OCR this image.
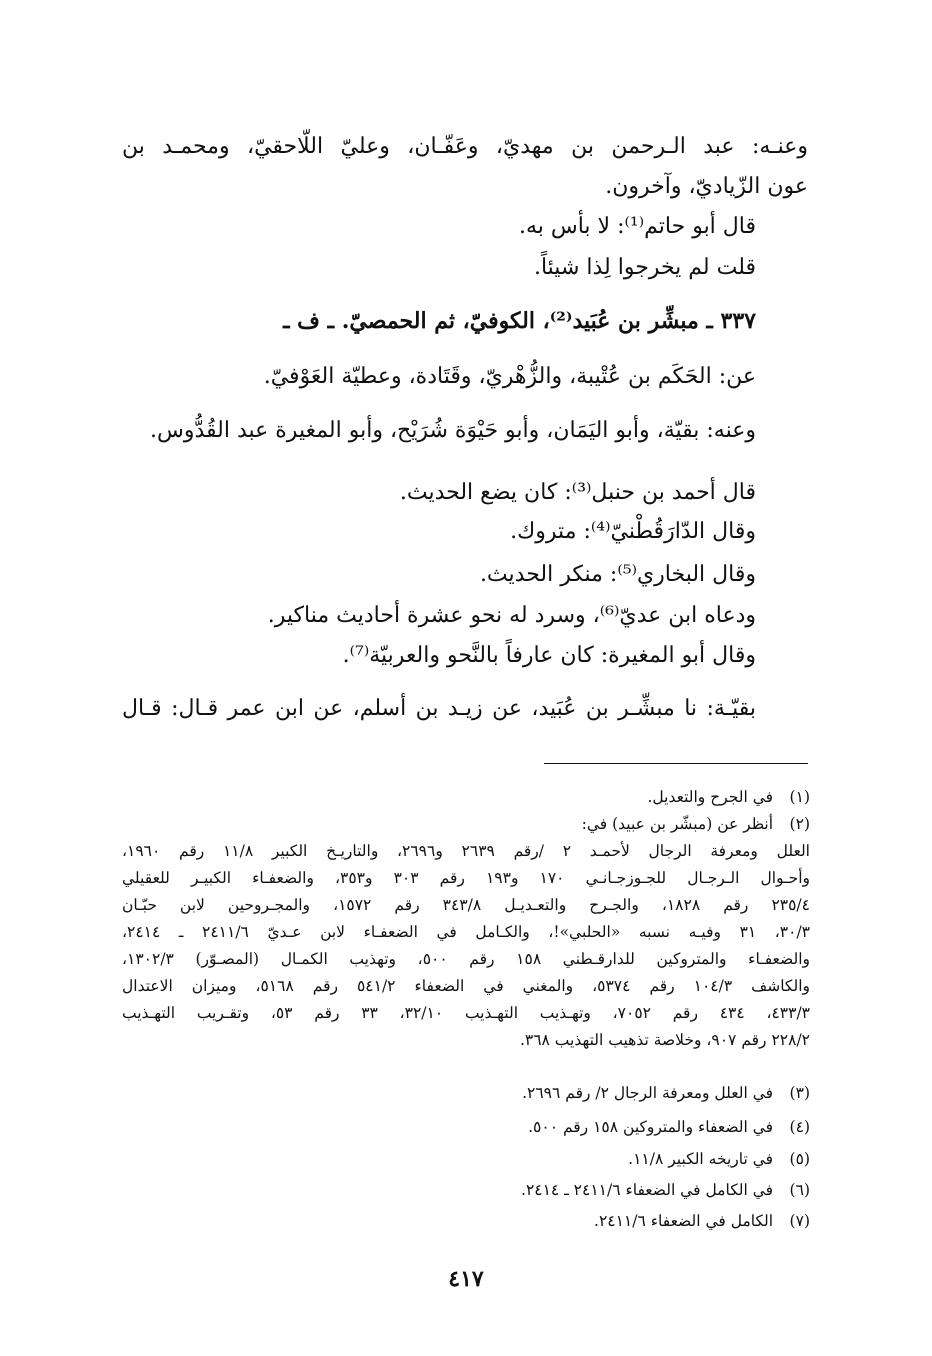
وعنـه: عبد الـرحمن بن مهديّ، وعَفّـان، وعليّ اللّاحقيّ، ومحمـد بن
عون الزّياديّ، وآخرون.
قال أبو حاتم⁽¹⁾: لا بأس به.
قلت لم يخرجوا لِذا شيئاً.
٣٣٧ ـ مبشِّر بن عُبَيد⁽²⁾، الكوفيّ، ثم الحمصيّ. ـ ف ـ
عن: الحَكَم بن عُتْيبة، والزُّهْريّ، وقَتَادة، وعطيّة العَوْفيّ.
وعنه: بقيّة، وأبو اليَمَان، وأبو حَيْوَة شُرَيْح، وأبو المغيرة عبد القُدُّوس.
قال أحمد بن حنبل⁽³⁾: كان يضع الحديث.
وقال الدّارَقُطْنيّ⁽⁴⁾: متروك.
وقال البخاري⁽⁵⁾: منكر الحديث.
ودعاه ابن عديّ⁽⁶⁾، وسرد له نحو عشرة أحاديث مناكير.
وقال أبو المغيرة: كان عارفاً بالنَّحو والعربيّة⁽⁷⁾.
بقيّـة: نا مبشِّـر بن عُبَيد، عن زيـد بن أسلم، عن ابن عمر قـال: قـال
(١) في الجرح والتعديل.
(٢) أنظر عن (مبشّر بن عبيد) في:
العلل ومعرفة الرجال لأحمـد ٢ /رقم ٢٦٣٩ و٢٦٩٦، والتاريـخ الكبير ١١/٨ رقم ١٩٦٠،
وأحـوال الـرجـال للجـوزجـانـي ١٧٠ و١٩٣ رقم ٣٠٣ و٣٥٣، والضعفـاء الكبيـر للعقيلي
٢٣٥/٤ رقم ١٨٢٨، والجـرح والتعـديـل ٣٤٣/٨ رقم ١٥٧٢، والمجـروحين لابن حبّـان
٣٠/٣، ٣١ وفيـه نسبه «الحلبي»!، والكـامل في الضعفـاء لابن عـديّ ٢٤١١/٦ ـ ٢٤١٤،
والضعفـاء والمتروكين للدارقـطني ١٥٨ رقم ٥٠٠، وتهذيب الكمـال (المصـوّر) ١٣٠٢/٣،
والكاشف ١٠٤/٣ رقم ٥٣٧٤، والمغني في الضعفاء ٥٤١/٢ رقم ٥١٦٨، وميزان الاعتدال
٤٣٣/٣، ٤٣٤ رقم ٧٠٥٢، وتهـذيب التهـذيب ٣٢/١٠، ٣٣ رقم ٥٣، وتقـريب التهـذيب
٢٢٨/٢ رقم ٩٠٧، وخلاصة تذهيب التهذيب ٣٦٨.
(٣) في العلل ومعرفة الرجال ٢/ رقم ٢٦٩٦.
(٤) في الضعفاء والمتروكين ١٥٨ رقم ٥٠٠.
(٥) في تاريخه الكبير ١١/٨.
(٦) في الكامل في الضعفاء ٢٤١١/٦ ـ ٢٤١٤.
(٧) الكامل في الضعفاء ٢٤١١/٦.
٤١٧
